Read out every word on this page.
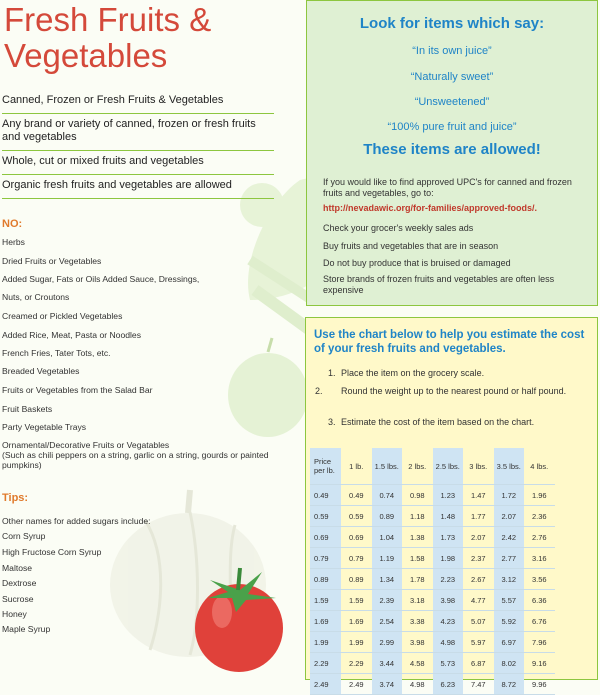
Fresh Fruits &
Vegetables
Canned, Frozen or Fresh Fruits & Vegetables
Any brand or variety of canned, frozen or fresh fruits and vegetables
Whole, cut or mixed fruits and vegetables
Organic fresh fruits and vegetables are allowed
NO:
Herbs
Dried Fruits or Vegetables
Added Sugar, Fats or Oils Added Sauce, Dressings,
Nuts, or Croutons
Creamed or Pickled Vegetables
Added Rice, Meat, Pasta or Noodles
French Fries, Tater Tots, etc.
Breaded Vegetables
Fruits or Vegetables from the Salad Bar
Fruit Baskets
Party Vegetable Trays
Ornamental/Decorative Fruits or Vegatables
(Such as chili peppers on a string, garlic on a string, gourds or painted pumpkins)
Tips:
Other names for added sugars include:
Corn Syrup
High Fructose Corn Syrup
Maltose
Dextrose
Sucrose
Honey
Maple Syrup
Look for items which say:
“In its own juice”
“Naturally sweet”
“Unsweetened”
“100% pure fruit and juice”
These items are allowed!
If you would like to find approved UPC's for canned and frozen fruits and vegetables, go to:
http://nevadawic.org/for-families/approved-foods/.
Check your grocer's weekly sales ads
Buy fruits and vegetables that are in season
Do not buy produce that is bruised or damaged
Store brands of frozen fruits and vegetables are often less expensive
Use the chart below to help you estimate the cost of your fresh fruits and vegetables.
1. Place the item on the grocery scale.
2. Round the weight up to the nearest pound or half pound.
3. Estimate the cost of the item based on the chart.
Price per lb.	1 lb.	1.5 lbs.	2 lbs.	2.5 lbs.	3 lbs.	3.5 lbs.	4 lbs.
0.49	0.49	0.74	0.98	1.23	1.47	1.72	1.96
0.59	0.59	0.89	1.18	1.48	1.77	2.07	2.36
0.69	0.69	1.04	1.38	1.73	2.07	2.42	2.76
0.79	0.79	1.19	1.58	1.98	2.37	2.77	3.16
0.89	0.89	1.34	1.78	2.23	2.67	3.12	3.56
1.59	1.59	2.39	3.18	3.98	4.77	5.57	6.36
1.69	1.69	2.54	3.38	4.23	5.07	5.92	6.76
1.99	1.99	2.99	3.98	4.98	5.97	6.97	7.96
2.29	2.29	3.44	4.58	5.73	6.87	8.02	9.16
2.49	2.49	3.74	4.98	6.23	7.47	8.72	9.96
